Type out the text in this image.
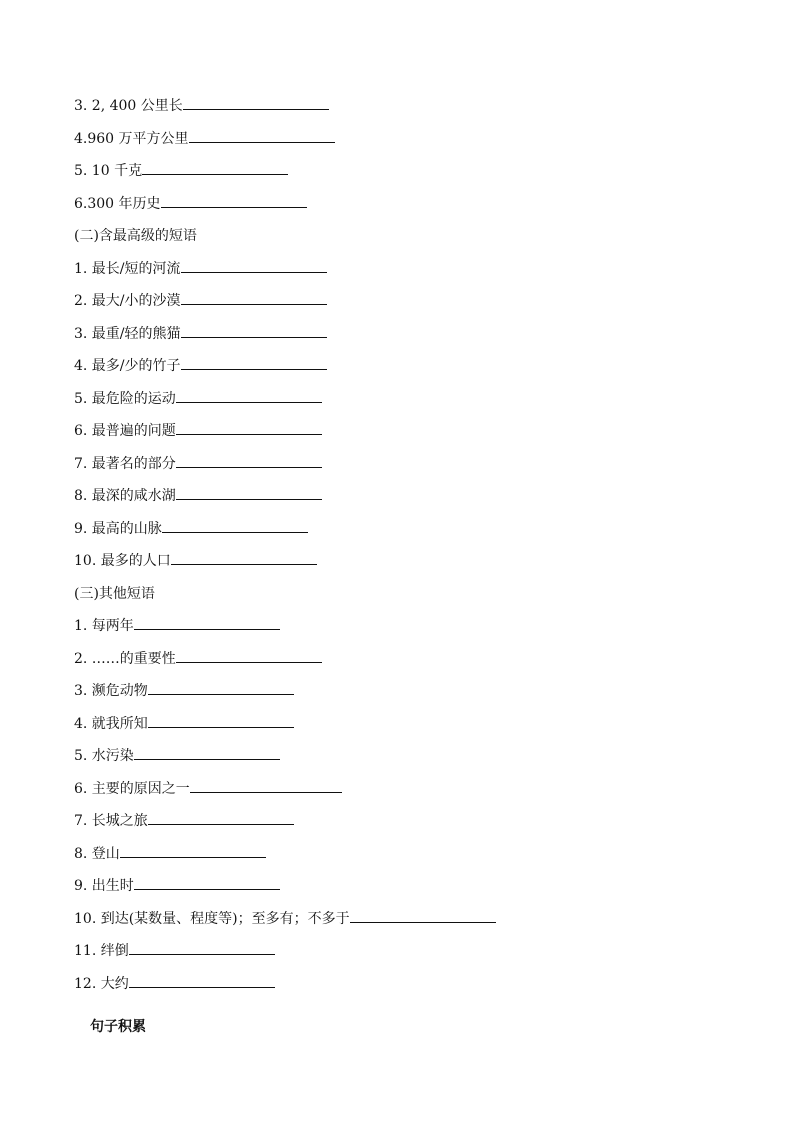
3. 2, 400 公里长
4.960 万平方公里
5. 10 千克
6.300 年历史
(二)含最高级的短语
1. 最长/短的河流
2. 最大/小的沙漠
3. 最重/轻的熊猫
4. 最多/少的竹子
5. 最危险的运动
6. 最普遍的问题
7. 最著名的部分
8. 最深的咸水湖
9. 最高的山脉
10. 最多的人口
(三)其他短语
1. 每两年
2. ……的重要性
3. 濒危动物
4. 就我所知
5. 水污染
6. 主要的原因之一
7. 长城之旅
8. 登山
9. 出生时
10. 到达(某数量、程度等)；至多有；不多于
11. 绊倒
12. 大约
句子积累
